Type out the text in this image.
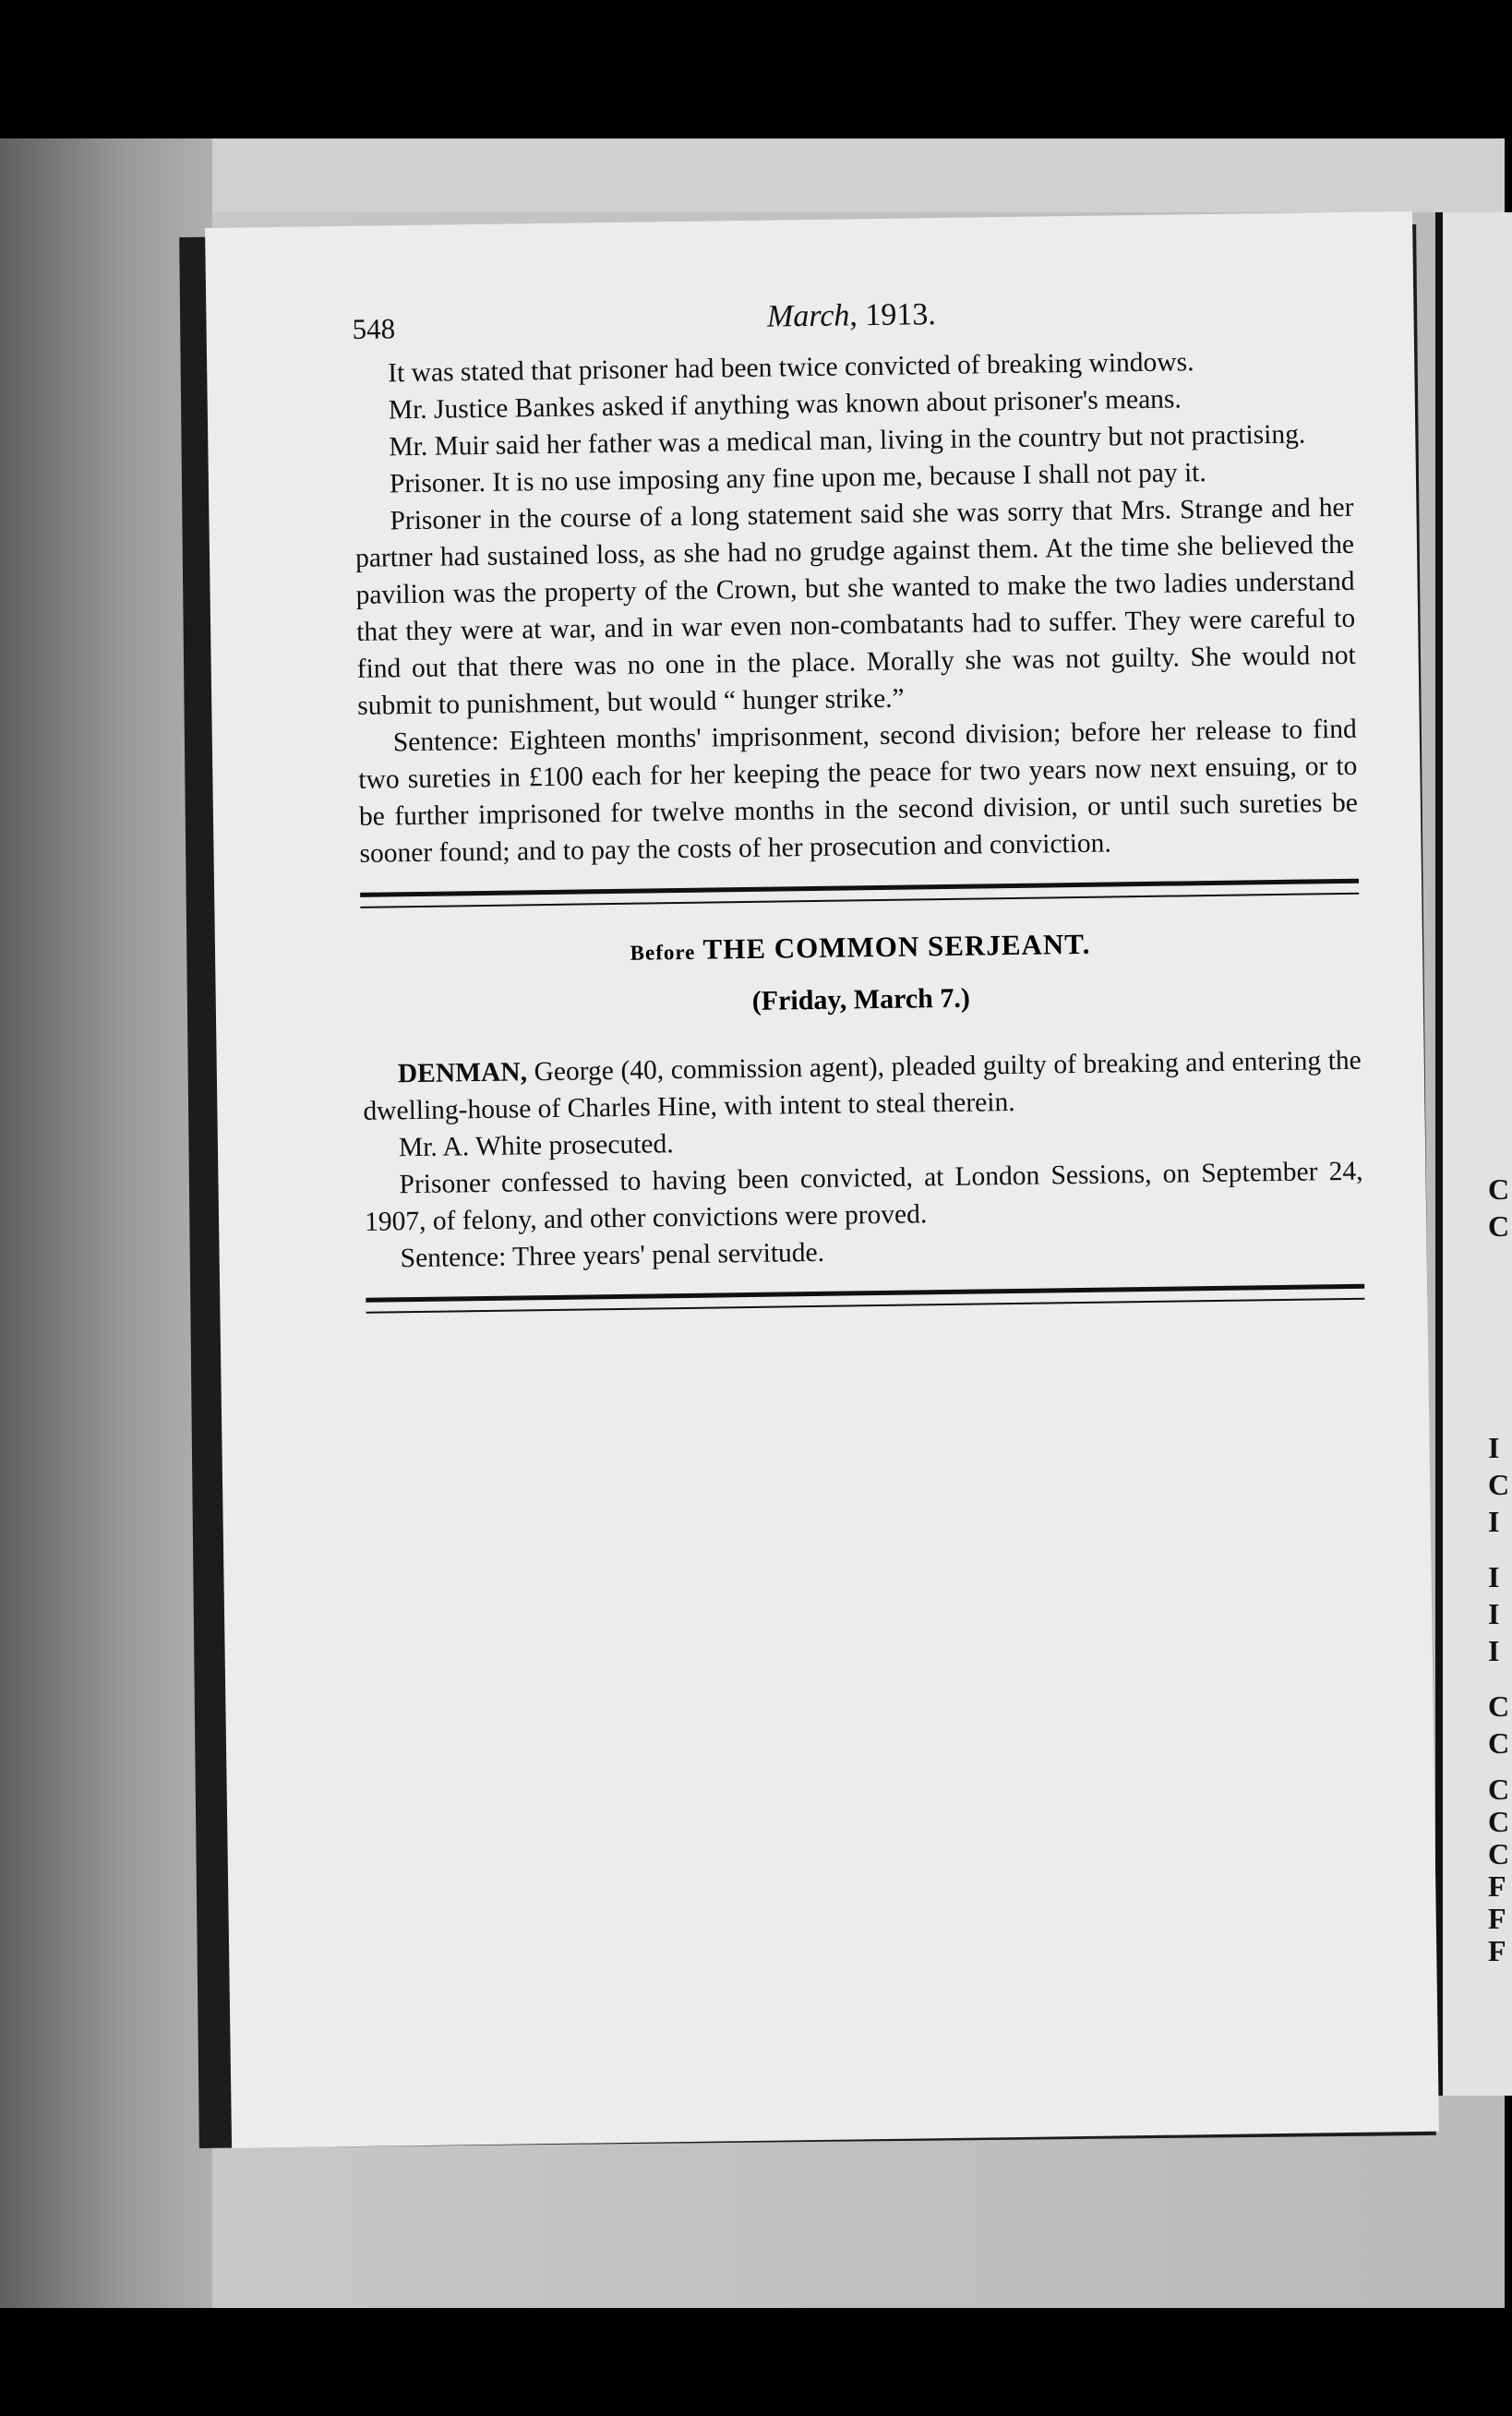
C
C
I
C
I
I
I
I
C
C
C
C
C
F
F
F
548	March, 1913.

It was stated that prisoner had been twice convicted of breaking windows.

Mr. Justice Bankes asked if anything was known about prisoner's means.

Mr. Muir said her father was a medical man, living in the country but not practising.

Prisoner. It is no use imposing any fine upon me, because I shall not pay it.

Prisoner in the course of a long statement said she was sorry that Mrs. Strange and her partner had sustained loss, as she had no grudge against them. At the time she believed the pavilion was the property of the Crown, but she wanted to make the two ladies understand that they were at war, and in war even non-combatants had to suffer. They were careful to find out that there was no one in the place. Morally she was not guilty. She would not submit to punishment, but would “ hunger strike.”

Sentence: Eighteen months' imprisonment, second division; before her release to find two sureties in £100 each for her keeping the peace for two years now next ensuing, or to be further imprisoned for twelve months in the second division, or until such sureties be sooner found; and to pay the costs of her prosecution and conviction.

Before THE COMMON SERJEANT.
(Friday, March 7.)

DENMAN, George (40, commission agent), pleaded guilty of breaking and entering the dwelling-house of Charles Hine, with intent to steal therein.

Mr. A. White prosecuted.

Prisoner confessed to having been convicted, at London Sessions, on September 24, 1907, of felony, and other convictions were proved.

Sentence: Three years' penal servitude.
